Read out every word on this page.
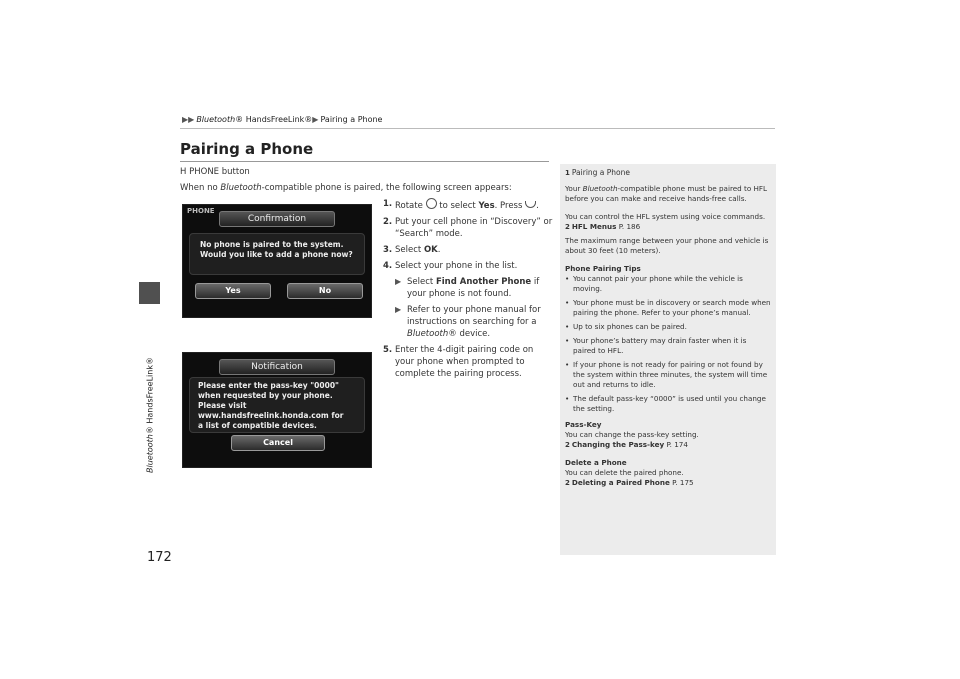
▶▶ Bluetooth® HandsFreeLink®▶ Pairing a Phone
Bluetooth® HandsFreeLink®
172
Pairing a Phone
H PHONE button
When no Bluetooth-compatible phone is paired, the following screen appears:
PHONE
Confirmation
No phone is paired to the system.
Would you like to add a phone now?
Yes	No
Notification
Please enter the pass-key "0000"
when requested by your phone.
Please visit
www.handsfreelink.honda.com for
a list of compatible devices.
Cancel
1. Rotate  to select Yes. Press .
2. Put your cell phone in “Discovery” or “Search” mode.
3. Select OK.
4. Select your phone in the list.
▶ Select Find Another Phone if your phone is not found.
▶ Refer to your phone manual for instructions on searching for a Bluetooth® device.
5. Enter the 4-digit pairing code on your phone when prompted to complete the pairing process.
1 Pairing a Phone

Your Bluetooth-compatible phone must be paired to HFL before you can make and receive hands-free calls.

You can control the HFL system using voice commands.
2 HFL Menus P. 186

The maximum range between your phone and vehicle is about 30 feet (10 meters).

Phone Pairing Tips
• You cannot pair your phone while the vehicle is moving.
• Your phone must be in discovery or search mode when pairing the phone. Refer to your phone’s manual.
• Up to six phones can be paired.
• Your phone’s battery may drain faster when it is paired to HFL.
• If your phone is not ready for pairing or not found by the system within three minutes, the system will time out and returns to idle.
• The default pass-key “0000” is used until you change the setting.
Pass-Key
You can change the pass-key setting.
2 Changing the Pass-key P. 174
Delete a Phone
You can delete the paired phone.
2 Deleting a Paired Phone P. 175
